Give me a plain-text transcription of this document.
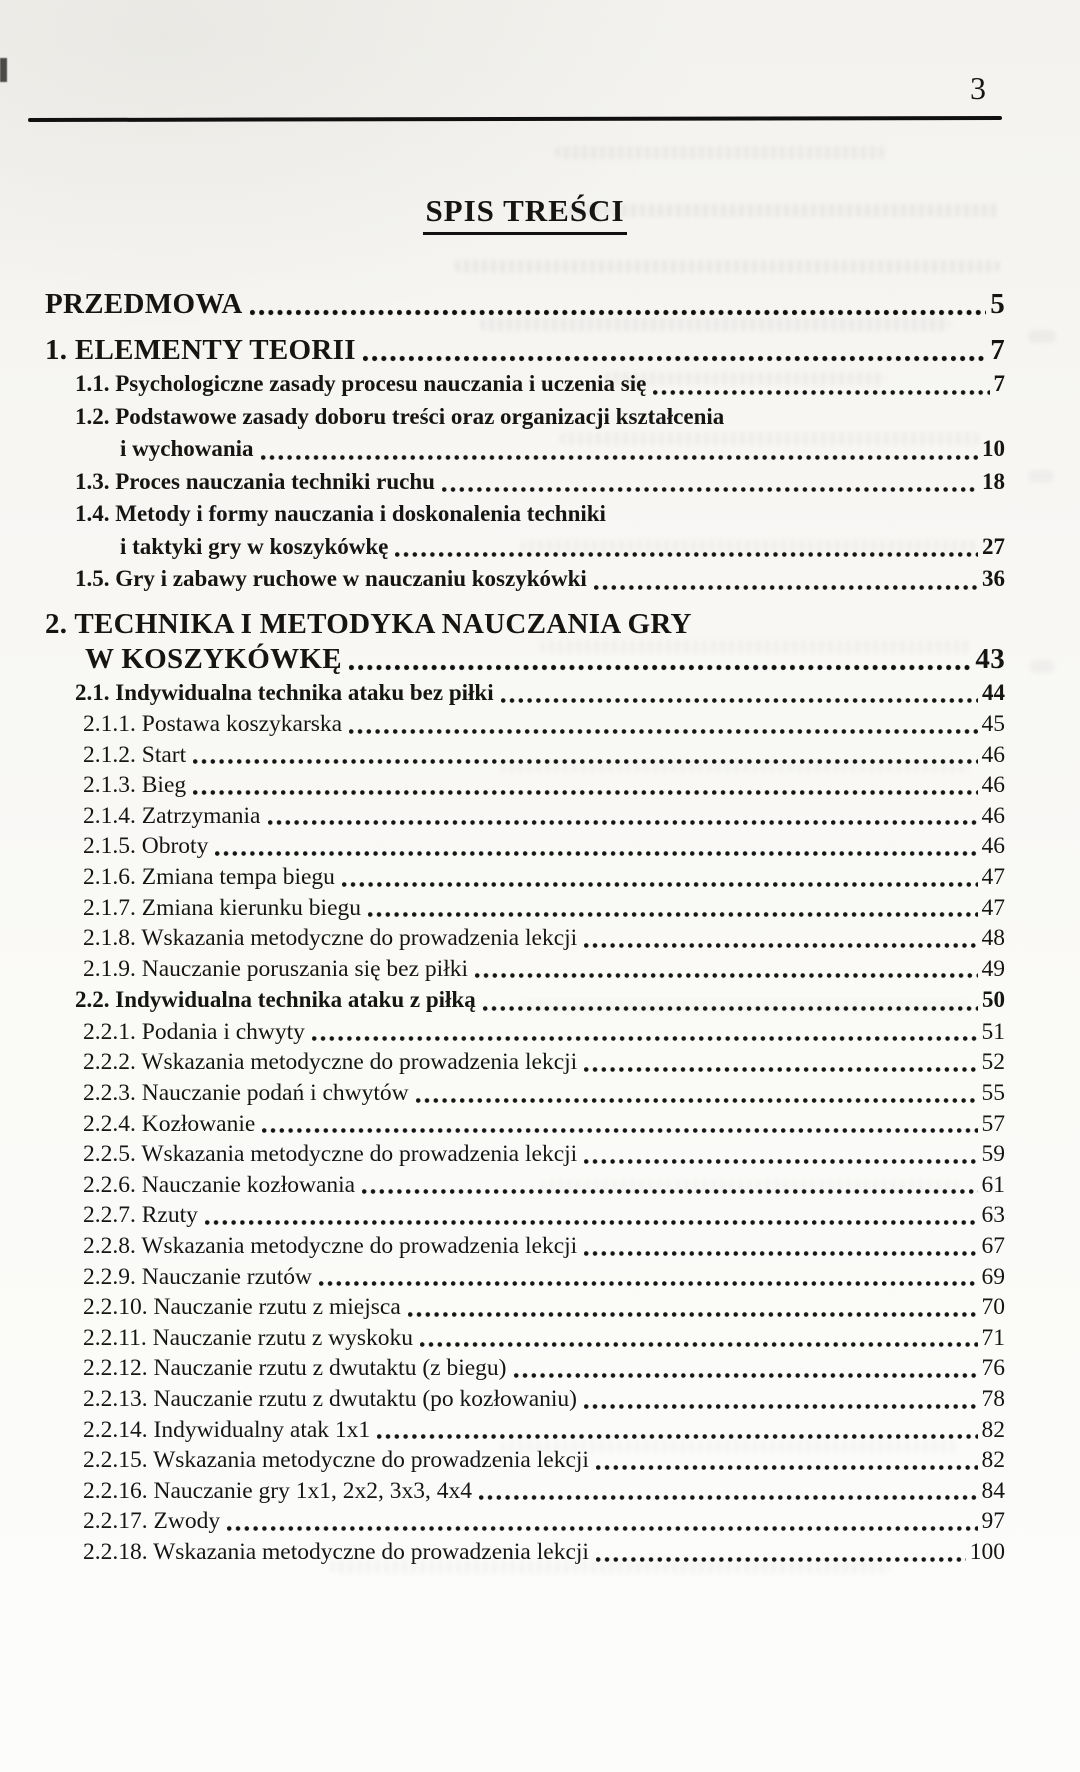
3
SPIS TREŚCI
PRZEDMOWA	5
1. ELEMENTY TEORII	7
1.1. Psychologiczne zasady procesu nauczania i uczenia się	7
1.2. Podstawowe zasady doboru treści oraz organizacji kształcenia
i wychowania	10
1.3. Proces nauczania techniki ruchu	18
1.4. Metody i formy nauczania i doskonalenia techniki
i taktyki gry w koszykówkę	27
1.5. Gry i zabawy ruchowe w nauczaniu koszykówki	36
2. TECHNIKA I METODYKA NAUCZANIA GRY
W KOSZYKÓWKĘ	43
2.1. Indywidualna technika ataku bez piłki	44
2.1.1. Postawa koszykarska	45
2.1.2. Start	46
2.1.3. Bieg	46
2.1.4. Zatrzymania	46
2.1.5. Obroty	46
2.1.6. Zmiana tempa biegu	47
2.1.7. Zmiana kierunku biegu	47
2.1.8. Wskazania metodyczne do prowadzenia lekcji	48
2.1.9. Nauczanie poruszania się bez piłki	49
2.2. Indywidualna technika ataku z piłką	50
2.2.1. Podania i chwyty	51
2.2.2. Wskazania metodyczne do prowadzenia lekcji	52
2.2.3. Nauczanie podań i chwytów	55
2.2.4. Kozłowanie	57
2.2.5. Wskazania metodyczne do prowadzenia lekcji	59
2.2.6. Nauczanie kozłowania	61
2.2.7. Rzuty	63
2.2.8. Wskazania metodyczne do prowadzenia lekcji	67
2.2.9. Nauczanie rzutów	69
2.2.10. Nauczanie rzutu z miejsca	70
2.2.11. Nauczanie rzutu z wyskoku	71
2.2.12. Nauczanie rzutu z dwutaktu (z biegu)	76
2.2.13. Nauczanie rzutu z dwutaktu (po kozłowaniu)	78
2.2.14. Indywidualny atak 1x1	82
2.2.15. Wskazania metodyczne do prowadzenia lekcji	82
2.2.16. Nauczanie gry 1x1, 2x2, 3x3, 4x4	84
2.2.17. Zwody	97
2.2.18. Wskazania metodyczne do prowadzenia lekcji	100
